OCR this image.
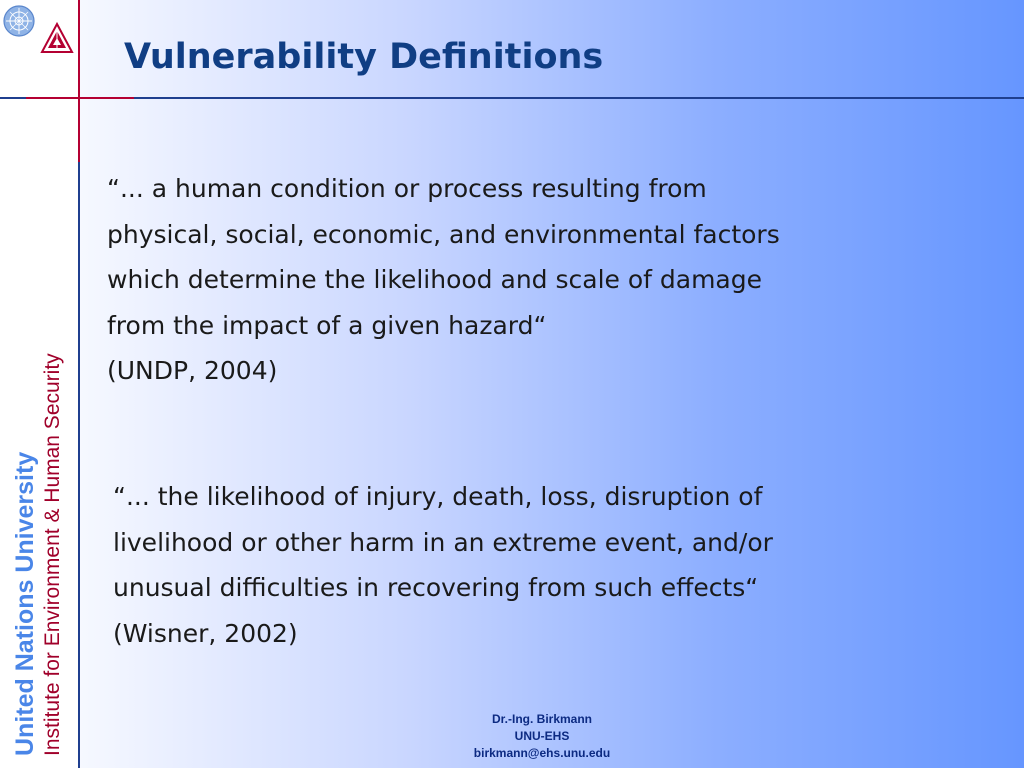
United Nations University Institute for Environment & Human Security
Vulnerability Definitions

“... a human condition or process resulting from

physical, social, economic, and environmental factors

which determine the likelihood and scale of damage

from the impact of a given hazard“

(UNDP, 2004)

“... the likelihood of injury, death, loss, disruption of

livelihood or other harm in an extreme event, and/or

unusual difficulties in recovering from such effects“

(Wisner, 2002)

Dr.-Ing. Birkmann
UNU-EHS
birkmann@ehs.unu.edu
